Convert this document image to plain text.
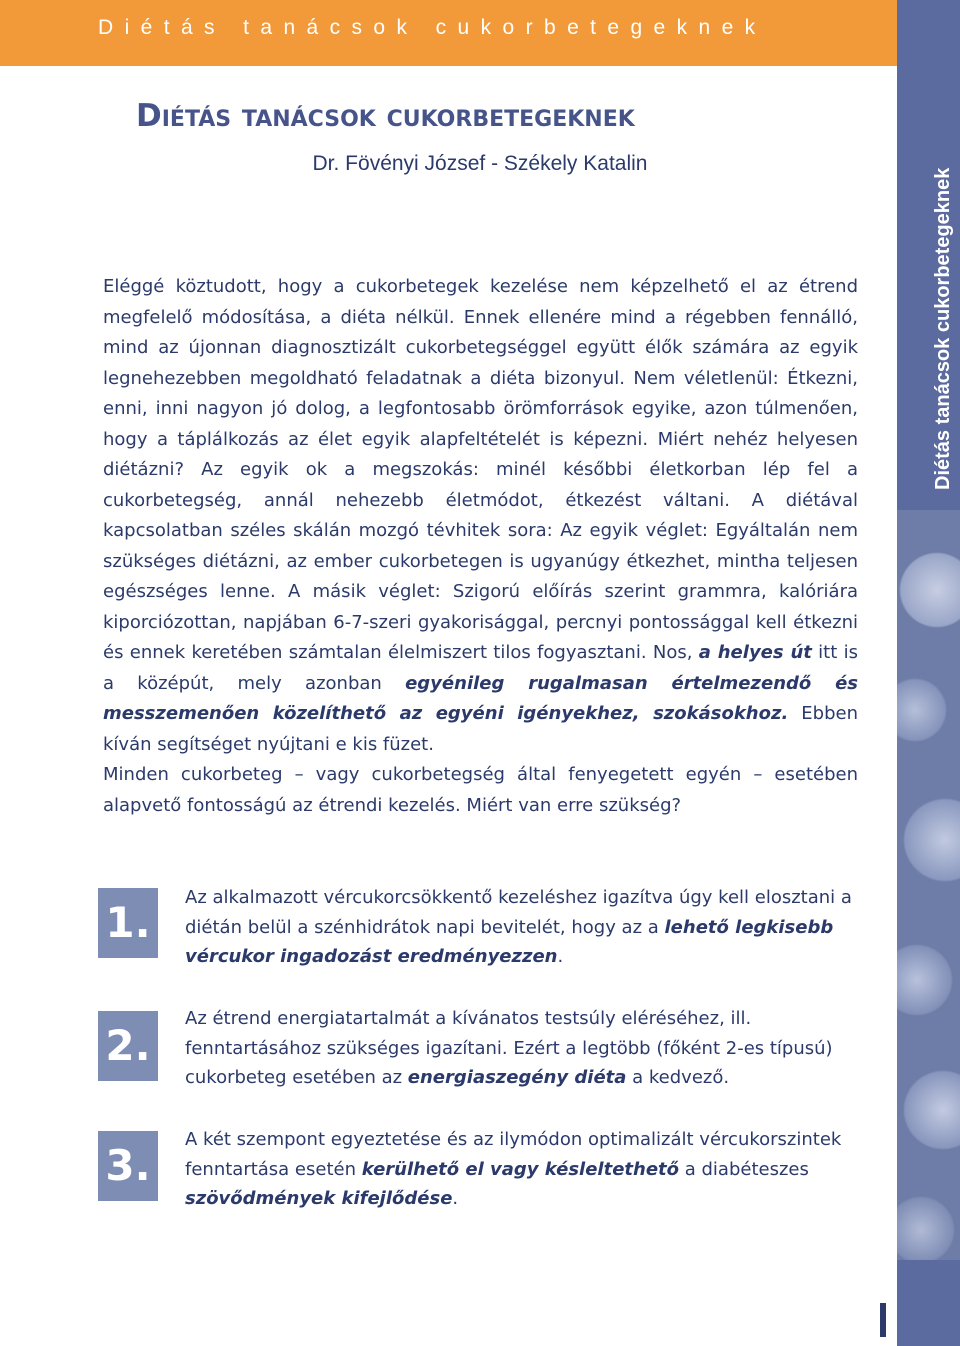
Diétás tanácsok cukorbetegeknek
Diétás tanácsok cukorbetegeknek
Diétás tanácsok cukorbetegeknek
Dr. Fövényi József - Székely Katalin

Eléggé köztudott, hogy a cukorbetegek kezelése nem képzelhető el az étrend megfelelő módosítása, a diéta nélkül. Ennek ellenére mind a régebben fennálló, mind az újonnan diagnosztizált cukorbetegséggel együtt élők számára az egyik legnehezebben megoldható feladatnak a diéta bizonyul. Nem véletlenül: Étkezni, enni, inni nagyon jó dolog, a legfontosabb örömforrások egyike, azon túlmenően, hogy a táplálkozás az élet egyik alapfeltételét is képezni. Miért nehéz helyesen diétázni? Az egyik ok a megszokás: minél későbbi életkorban lép fel a cukorbetegség, annál nehezebb életmódot, étkezést váltani. A diétával kapcsolatban széles skálán mozgó tévhitek sora: Az egyik véglet: Egyáltalán nem szükséges diétázni, az ember cukorbetegen is ugyanúgy étkezhet, mintha teljesen egészséges lenne. A másik véglet: Szigorú előírás szerint grammra, kalóriára kiporciózottan, napjában 6-7-szeri gyakorisággal, percnyi pontossággal kell étkezni és ennek keretében számtalan élelmiszert tilos fogyasztani. Nos, a helyes út itt is a középút, mely azonban egyénileg rugalmasan értelmezendő és messzemenően közelíthető az egyéni igényekhez, szokásokhoz. Ebben kíván segítséget nyújtani e kis füzet.

Minden cukorbeteg – vagy cukorbetegség által fenyegetett egyén – esetében alapvető fontosságú az étrendi kezelés. Miért van erre szükség?

1.
Az alkalmazott vércukorcsökkentő kezeléshez igazítva úgy kell elosztani a diétán belül a szénhidrátok napi bevitelét, hogy az a lehető legkisebb vércukor ingadozást eredményezzen.
2.
Az étrend energiatartalmát a kívánatos testsúly eléréséhez, ill. fenntartásához szükséges igazítani. Ezért a legtöbb (főként 2-es típusú) cukorbeteg esetében az energiaszegény diéta a kedvező.
3.
A két szempont egyeztetése és az ilymódon optimalizált vércukorszintek fenntartása esetén kerülhető el vagy késleltethető a diabéteszes szövődmények kifejlődése.
